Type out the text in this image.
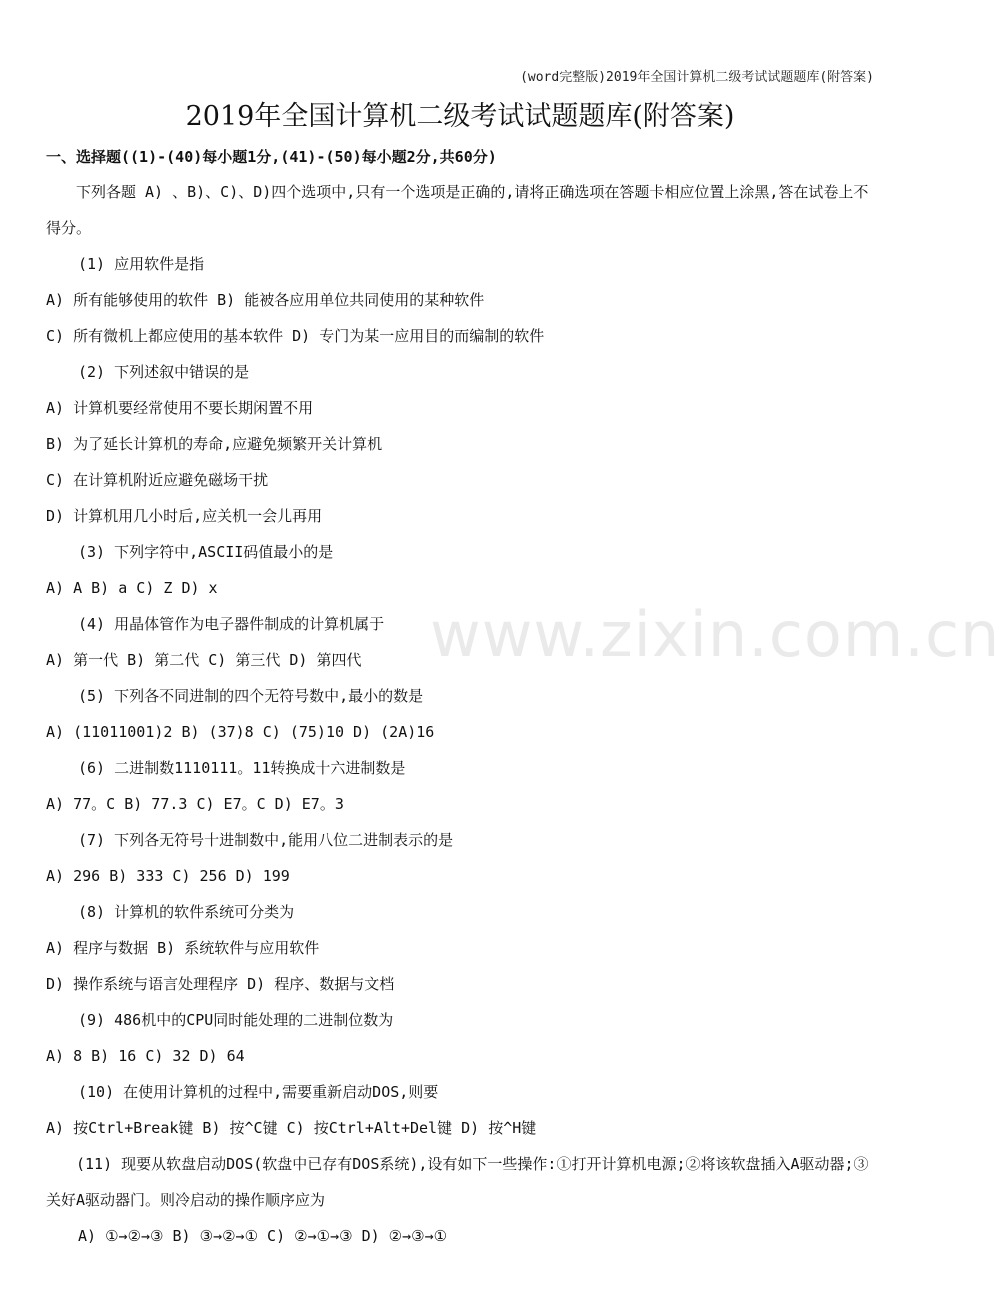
(word完整版)2019年全国计算机二级考试试题题库(附答案)
2019年全国计算机二级考试试题题库(附答案)
一、选择题((1)-(40)每小题1分,(41)-(50)每小题2分,共60分)

下列各题 A) 、B)、C)、D)四个选项中,只有一个选项是正确的,请将正确选项在答题卡相应位置上涂黑,答在试卷上不得分。

(1) 应用软件是指

A) 所有能够使用的软件 B) 能被各应用单位共同使用的某种软件

C) 所有微机上都应使用的基本软件 D) 专门为某一应用目的而编制的软件

(2) 下列述叙中错误的是

A) 计算机要经常使用不要长期闲置不用

B) 为了延长计算机的寿命,应避免频繁开关计算机

C) 在计算机附近应避免磁场干扰

D) 计算机用几小时后,应关机一会儿再用

(3) 下列字符中,ASCII码值最小的是

A) A B) a C) Z D) x

(4) 用晶体管作为电子器件制成的计算机属于

A) 第一代 B) 第二代 C) 第三代 D) 第四代

(5) 下列各不同进制的四个无符号数中,最小的数是

A) (11011001)2 B) (37)8 C) (75)10 D) (2A)16

(6) 二进制数1110111。11转换成十六进制数是

A) 77。C B) 77.3 C) E7。C D) E7。3

(7) 下列各无符号十进制数中,能用八位二进制表示的是

A) 296 B) 333 C) 256 D) 199

(8) 计算机的软件系统可分类为

A) 程序与数据 B) 系统软件与应用软件

D) 操作系统与语言处理程序 D) 程序、数据与文档

(9) 486机中的CPU同时能处理的二进制位数为

A) 8 B) 16 C) 32 D) 64

(10) 在使用计算机的过程中,需要重新启动DOS,则要

A) 按Ctrl+Break键 B) 按^C键 C) 按Ctrl+Alt+Del键 D) 按^H键

(11) 现要从软盘启动DOS(软盘中已存有DOS系统),设有如下一些操作:①打开计算机电源;②将该软盘插入A驱动器;③关好A驱动器门。则冷启动的操作顺序应为

A) ①→②→③ B) ③→②→① C) ②→①→③ D) ②→③→①

www.zixin.com.cn
